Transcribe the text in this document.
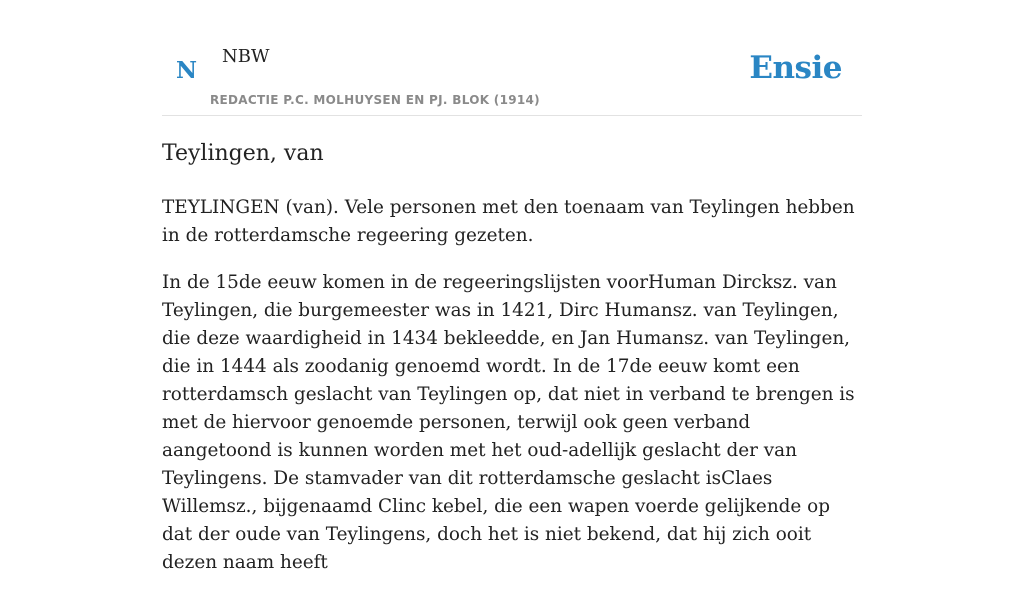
N
NBW
REDACTIE P.C. MOLHUYSEN EN PJ. BLOK (1914)
Ensie
Teylingen, van

TEYLINGEN (van). Vele personen met den toenaam van Teylingen hebben in de rotterdamsche regeering gezeten.

In de 15de eeuw komen in de regeeringslijsten voorHuman Dircksz. van Teylingen, die burgemeester was in 1421, Dirc Humansz. van Teylingen, die deze waardigheid in 1434 bekleedde, en Jan Humansz. van Teylingen, die in 1444 als zoodanig genoemd wordt. In de 17de eeuw komt een rotterdamsch geslacht van Teylingen op, dat niet in verband te brengen is met de hiervoor genoemde personen, terwijl ook geen verband aangetoond is kunnen worden met het oud-adellijk geslacht der van Teylingens. De stamvader van dit rotterdamsche geslacht isClaes Willemsz., bijgenaamd Clinc kebel, die een wapen voerde gelijkende op dat der oude van Teylingens, doch het is niet bekend, dat hij zich ooit dezen naam heeft
